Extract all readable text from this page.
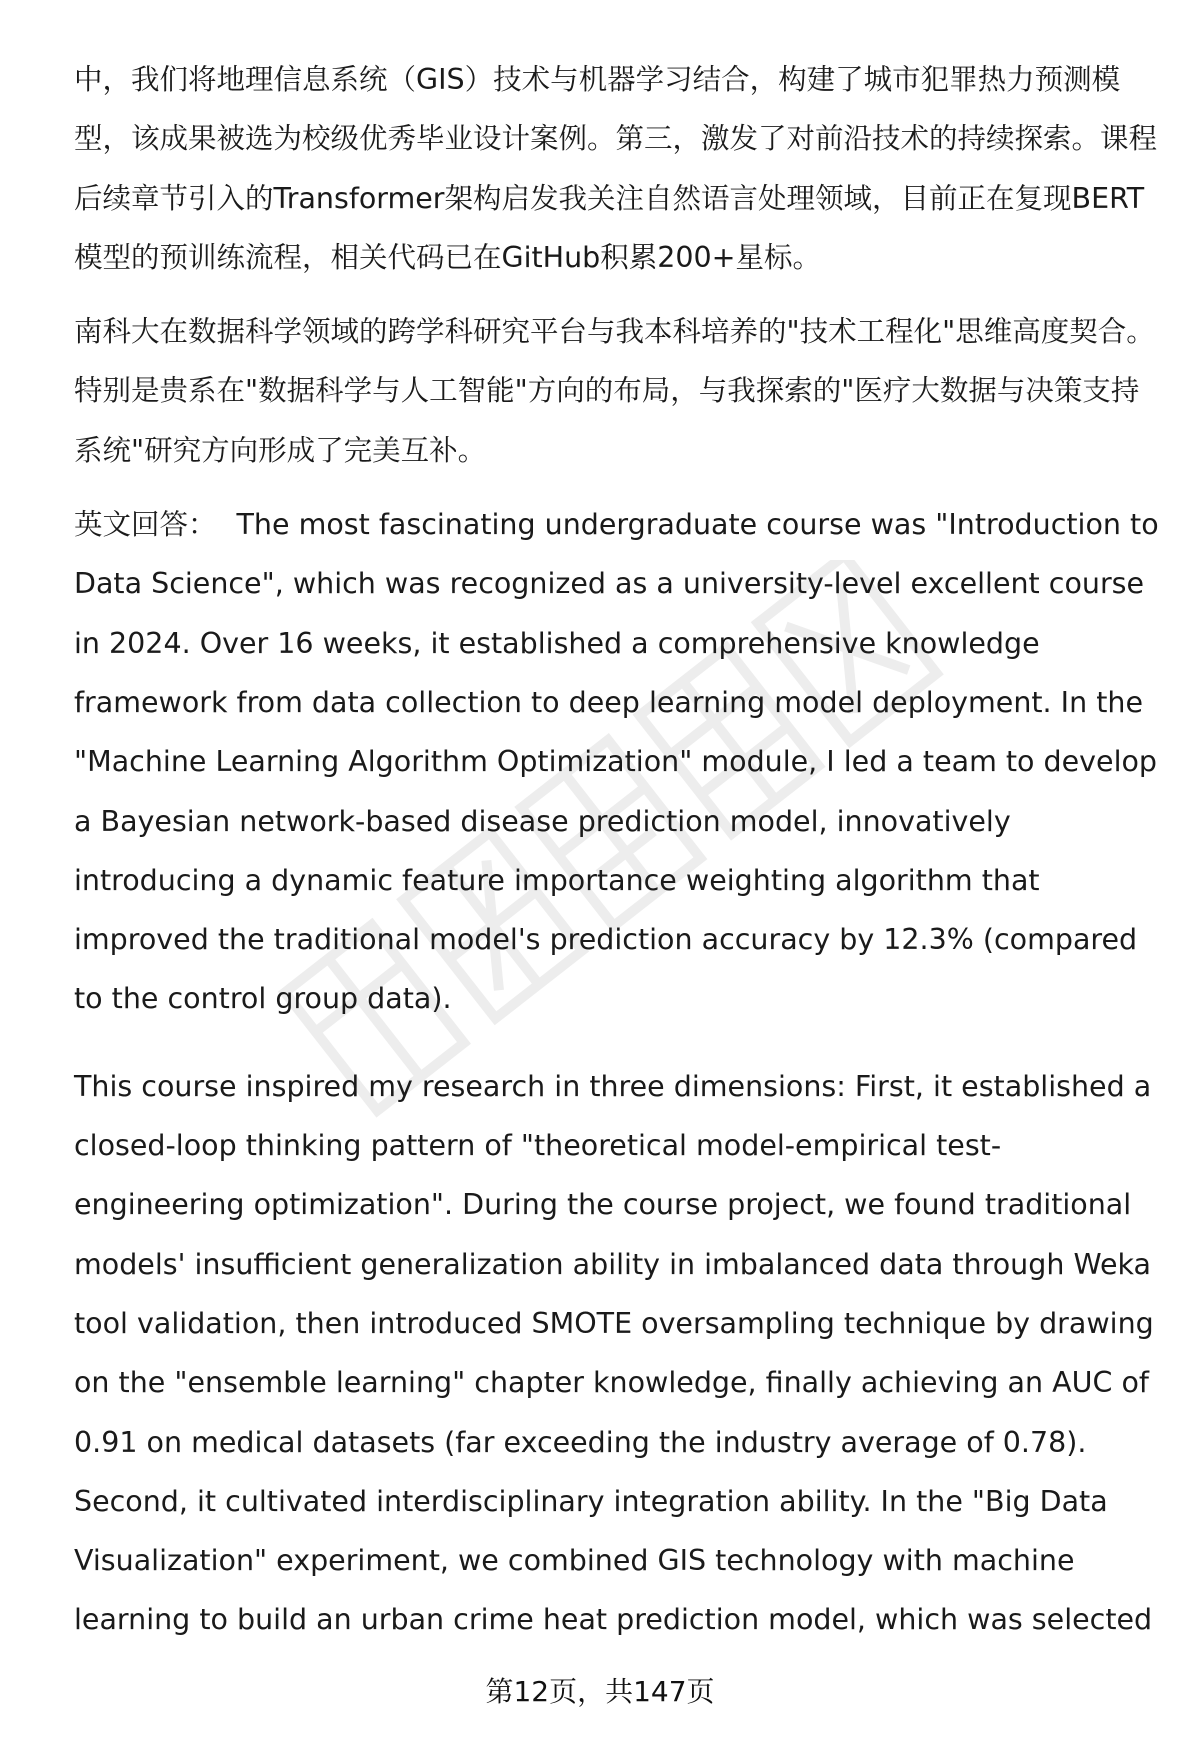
中，我们将地理信息系统（GIS）技术与机器学习结合，构建了城市犯罪热力预测模型，该成果被选为校级优秀毕业设计案例。第三，激发了对前沿技术的持续探索。课程后续章节引入的Transformer架构启发我关注自然语言处理领域，目前正在复现BERT模型的预训练流程，相关代码已在GitHub积累200+星标。

南科大在数据科学领域的跨学科研究平台与我本科培养的"技术工程化"思维高度契合。特别是贵系在"数据科学与人工智能"方向的布局，与我探索的"医疗大数据与决策支持系统"研究方向形成了完美互补。

英文回答： The most fascinating undergraduate course was "Introduction to Data Science", which was recognized as a university-level excellent course in 2024. Over 16 weeks, it established a comprehensive knowledge framework from data collection to deep learning model deployment. In the "Machine Learning Algorithm Optimization" module, I led a team to develop a Bayesian network-based disease prediction model, innovatively introducing a dynamic feature importance weighting algorithm that improved the traditional model's prediction accuracy by 12.3% (compared to the control group data).

This course inspired my research in three dimensions: First, it established a closed-loop thinking pattern of "theoretical model-empirical test-engineering optimization". During the course project, we found traditional models' insufficient generalization ability in imbalanced data through Weka tool validation, then introduced SMOTE oversampling technique by drawing on the "ensemble learning" chapter knowledge, finally achieving an AUC of 0.91 on medical datasets (far exceeding the industry average of 0.78). Second, it cultivated interdisciplinary integration ability. In the "Big Data Visualization" experiment, we combined GIS technology with machine learning to build an urban crime heat prediction model, which was selected

第12页，共147页
